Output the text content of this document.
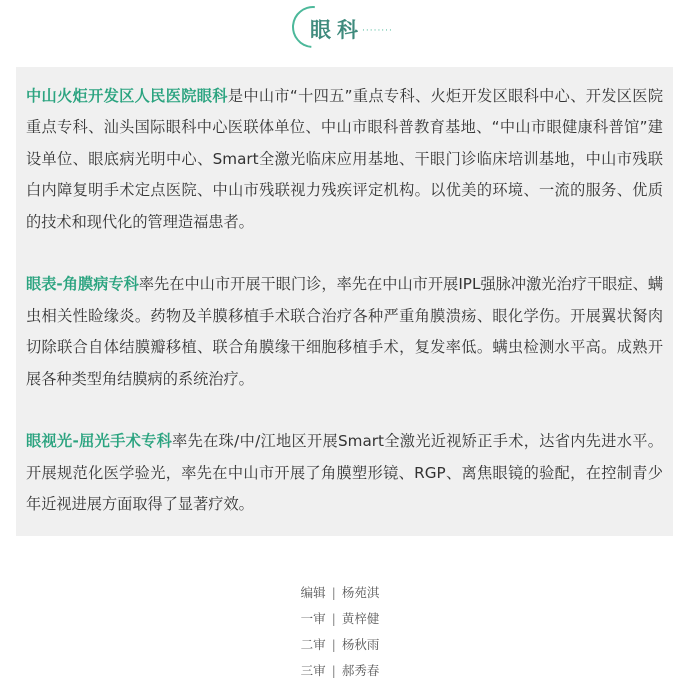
眼科
········

中山火炬开发区人民医院眼科是中山市“十四五”重点专科、火炬开发区眼科中心、开发区医院重点专科、汕头国际眼科中心医联体单位、中山市眼科普教育基地、“中山市眼健康科普馆”建设单位、眼底病光明中心、Smart全激光临床应用基地、干眼门诊临床培训基地，中山市残联白内障复明手术定点医院、中山市残联视力残疾评定机构。以优美的环境、一流的服务、优质的技术和现代化的管理造福患者。

眼表-角膜病专科率先在中山市开展干眼门诊，率先在中山市开展IPL强脉冲激光治疗干眼症、螨虫相关性睑缘炎。药物及羊膜移植手术联合治疗各种严重角膜溃疡、眼化学伤。开展翼状胬肉切除联合自体结膜瓣移植、联合角膜缘干细胞移植手术，复发率低。螨虫检测水平高。成熟开展各种类型角结膜病的系统治疗。

眼视光-屈光手术专科率先在珠/中/江地区开展Smart全激光近视矫正手术，达省内先进水平。开展规范化医学验光，率先在中山市开展了角膜塑形镜、RGP、离焦眼镜的验配，在控制青少年近视进展方面取得了显著疗效。

编辑 | 杨苑淇
一审 | 黄梓健
二审 | 杨秋雨
三审 | 郝秀春
